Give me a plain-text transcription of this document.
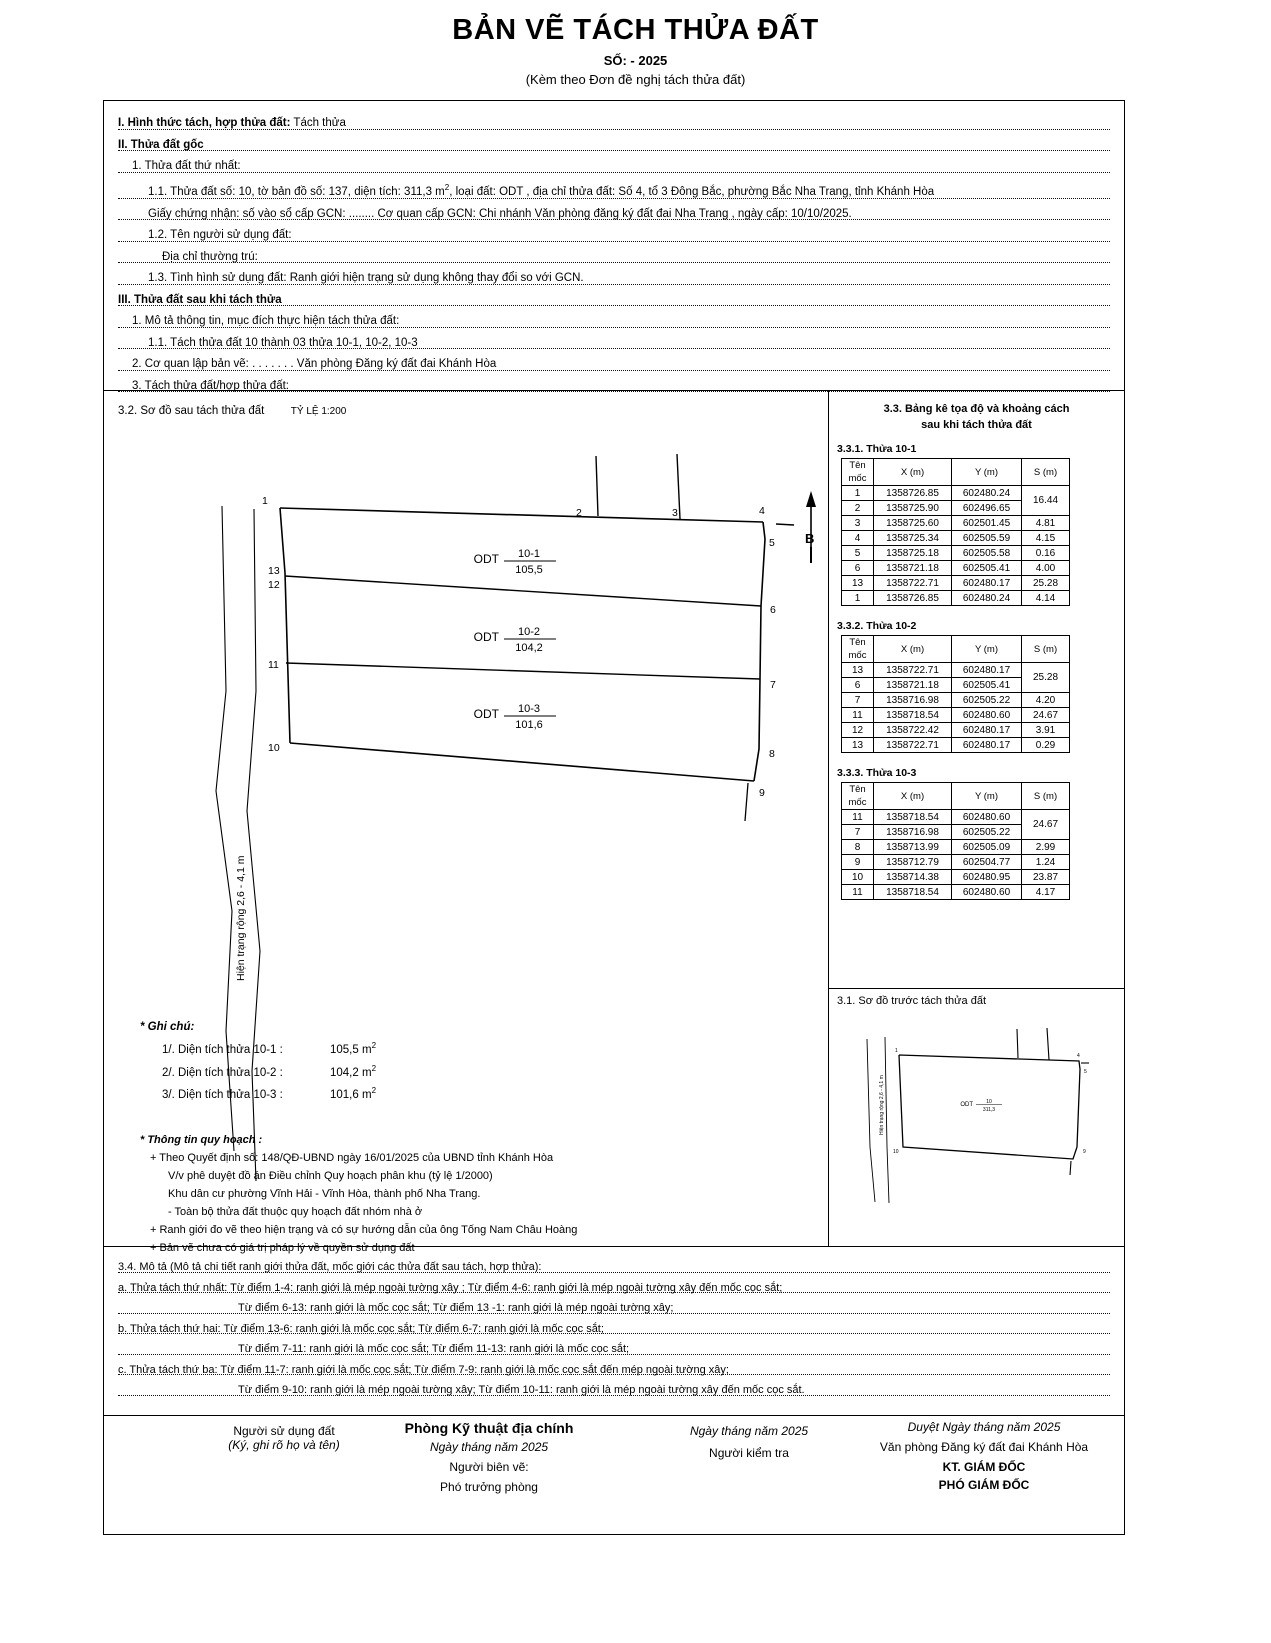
BẢN VẼ TÁCH THỬA ĐẤT
SỐ: - 2025
(Kèm theo Đơn đề nghị tách thửa đất)
I. Hình thức tách, hợp thửa đất: Tách thửa
II. Thửa đất gốc
1. Thửa đất thứ nhất:
1.1. Thửa đất số: 10, tờ bản đồ số: 137, diện tích: 311,3 $m^2$, loại đất: ODT , địa chỉ thửa đất: Số 4, tổ 3 Đông Bắc, phường Bắc Nha Trang, tỉnh Khánh Hòa
Giấy chứng nhận: số vào sổ cấp GCN: ........ Cơ quan cấp GCN: Chi nhánh Văn phòng đăng ký đất đai Nha Trang , ngày cấp: 10/10/2025.
1.2. Tên người sử dụng đất:
Địa chỉ thường trú:
1.3. Tình hình sử dụng đất: Ranh giới hiện trạng sử dụng không thay đổi so với GCN.
III. Thửa đất sau khi tách thửa
1. Mô tả thông tin, mục đích thực hiện tách thửa đất:
1.1. Tách thửa đất 10 thành 03 thửa 10-1, 10-2, 10-3
2. Cơ quan lập bản vẽ: . . . . . . . Văn phòng Đăng ký đất đai Khánh Hòa
3. Tách thửa đất/hợp thửa đất:
3.2. Sơ đồ sau tách thửa đất	TỶ LỆ 1:200
B
Hiện trạng rộng 2,6 - 4,1 m
1
2	3	4
5
6
7
8
9
10
11
12
13
ODT 10-1
105,5
ODT 10-2
104,2
ODT 10-3
101,6
* Ghi chú:
1/. Diện tích thửa 10-1 :	105,5 $m^2$
2/. Diện tích thửa 10-2 :	104,2 $m^2$
3/. Diện tích thửa 10-3 :	101,6 $m^2$
* Thông tin quy hoạch :
+ Theo Quyết định số: 148/QĐ-UBND ngày 16/01/2025 của UBND tỉnh Khánh Hòa
V/v phê duyệt đồ án Điều chỉnh Quy hoạch phân khu (tỷ lệ 1/2000)
Khu dân cư phường Vĩnh Hải - Vĩnh Hòa, thành phố Nha Trang.
- Toàn bộ thửa đất thuộc quy hoạch đất nhóm nhà ở
+ Ranh giới đo vẽ theo hiện trạng và có sự hướng dẫn của ông Tống Nam Châu Hoàng
+ Bản vẽ chưa có giá trị pháp lý về quyền sử dụng đất
3.3. Bảng kê tọa độ và khoảng cách
sau khi tách thửa đất
3.3.1. Thửa 10-1
Tên mốc	X (m)	Y (m)	S (m)
1	1358726.85	602480.24	16.44
2	1358725.90	602496.65	
3	1358725.60	602501.45	4.81
4	1358725.34	602505.59	4.15
5	1358725.18	602505.58	0.16
6	1358721.18	602505.41	4.00
13	1358722.71	602480.17	25.28
1	1358726.85	602480.24	4.14
3.3.2. Thửa 10-2
Tên mốc	X (m)	Y (m)	S (m)
13	1358722.71	602480.17	25.28
6	1358721.18	602505.41	
7	1358716.98	602505.22	4.20
11	1358718.54	602480.60	24.67
12	1358722.42	602480.17	3.91
13	1358722.71	602480.17	0.29
3.3.3. Thửa 10-3
Tên mốc	X (m)	Y (m)	S (m)
11	1358718.54	602480.60	24.67
7	1358716.98	602505.22	
8	1358713.99	602505.09	2.99
9	1358712.79	602504.77	1.24
10	1358714.38	602480.95	23.87
11	1358718.54	602480.60	4.17
3.1. Sơ đồ trước tách thửa đất
Hiện trạng rộng 2,6 - 4,1 m
1
4
5
9
10
ODT	10
311,3
3.4. Mô tả (Mô tả chi tiết ranh giới thửa đất, mốc giới các thửa đất sau tách, hợp thửa):
a. Thửa tách thứ nhất: Từ điểm 1-4: ranh giới là mép ngoài tường xây ; Từ điểm 4-6: ranh giới là mép ngoài tường xây đến mốc cọc sắt;
Từ điểm 6-13: ranh giới là mốc cọc sắt; Từ điểm 13 -1: ranh giới là mép ngoài tường xây;
b. Thửa tách thứ hai: Từ điểm 13-6: ranh giới là mốc cọc sắt; Từ điểm 6-7: ranh giới là mốc cọc sắt;
Từ điểm 7-11: ranh giới là mốc cọc sắt; Từ điểm 11-13: ranh giới là mốc cọc sắt;
c. Thửa tách thứ ba: Từ điểm 11-7: ranh giới là mốc cọc sắt; Từ điểm 7-9: ranh giới là mốc cọc sắt đến mép ngoài tường xây;
Từ điểm 9-10: ranh giới là mép ngoài tường xây; Từ điểm 10-11: ranh giới là mép ngoài tường xây đến mốc cọc sắt.
Người sử dụng đất
(Ký, ghi rõ họ và tên)
Phòng Kỹ thuật địa chính
Ngày tháng năm 2025
Người biên vẽ:
Phó trưởng phòng
Ngày tháng năm 2025
Người kiểm tra
Duyệt Ngày tháng năm 2025
Văn phòng Đăng ký đất đai Khánh Hòa
KT. GIÁM ĐỐC
PHÓ GIÁM ĐỐC
